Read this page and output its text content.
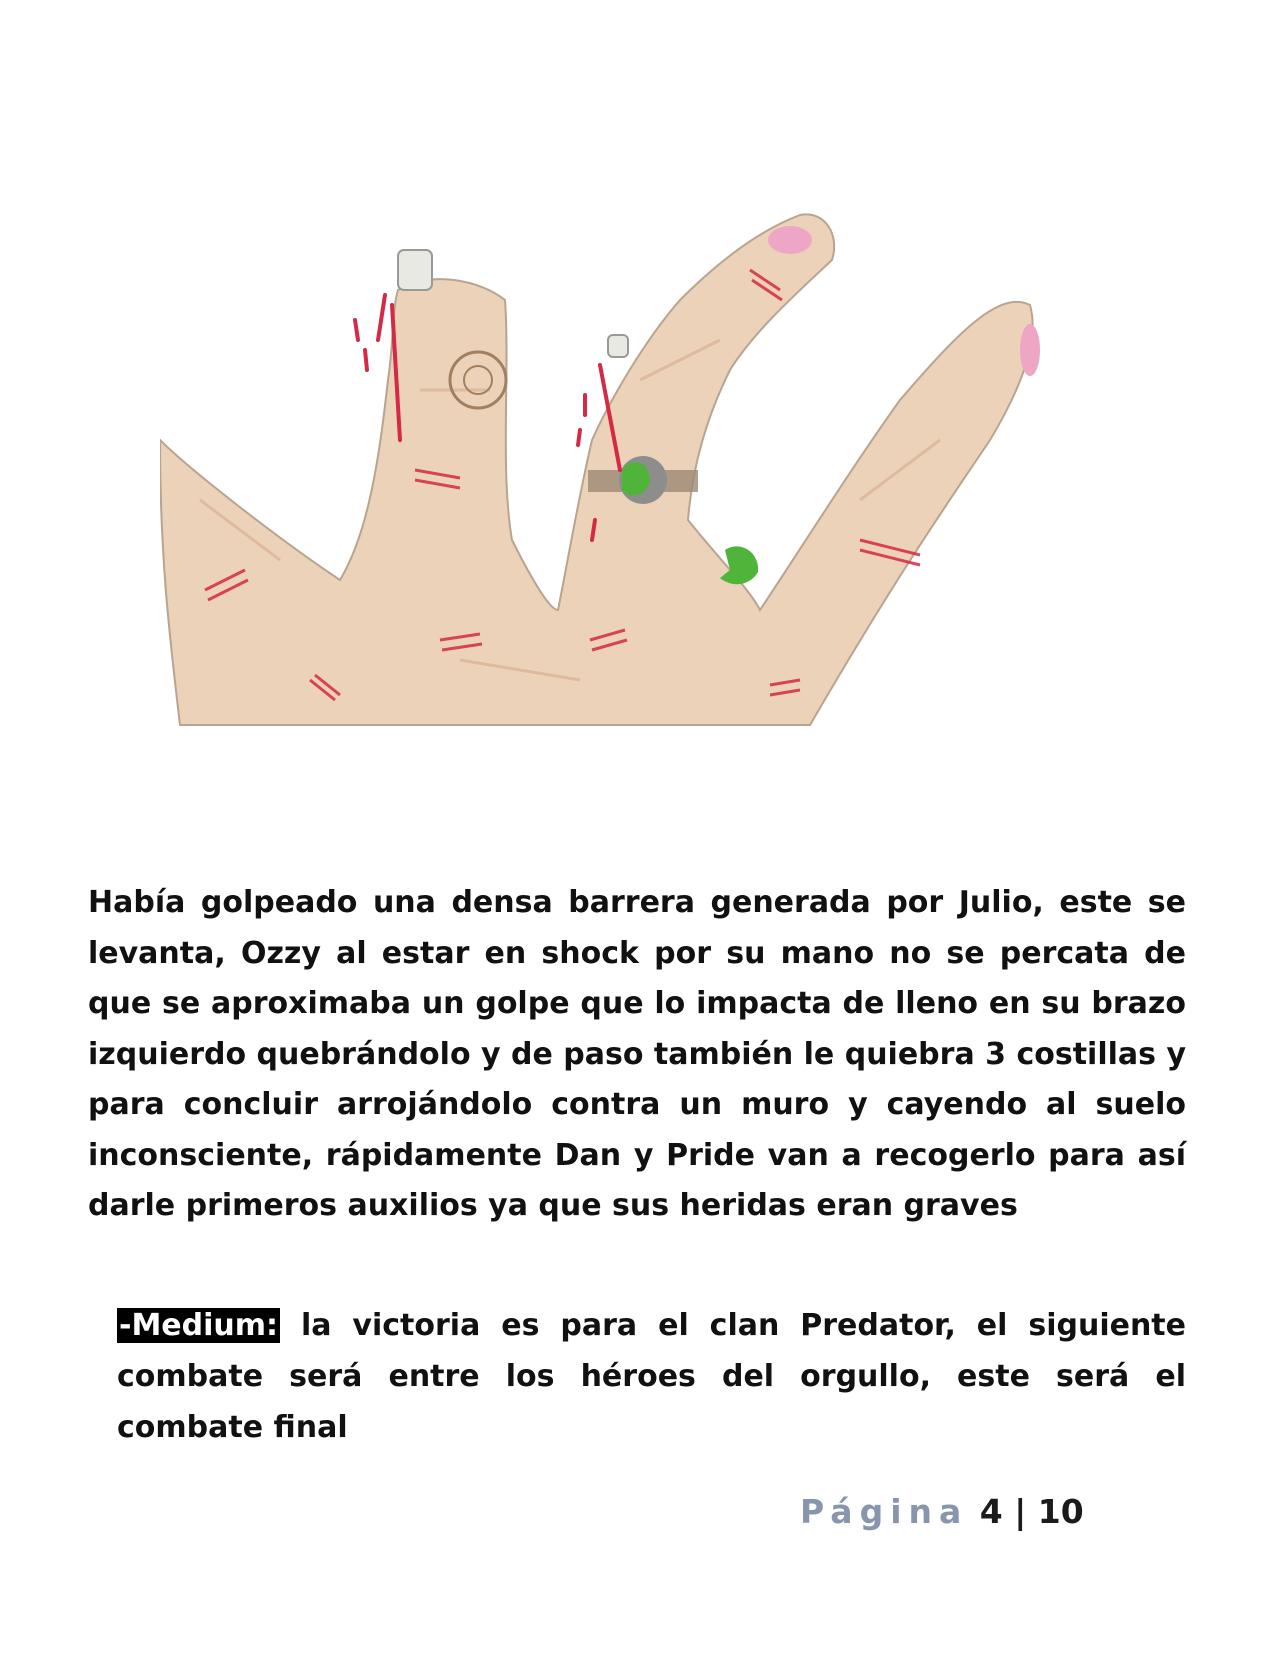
Había golpeado una densa barrera generada por Julio, este se levanta, Ozzy al estar en shock por su mano no se percata de que se aproximaba un golpe que lo impacta de lleno en su brazo izquierdo quebrándolo y de paso también le quiebra 3 costillas y para concluir arrojándolo contra un muro y cayendo al suelo inconsciente, rápidamente Dan y Pride van a recogerlo para así darle primeros auxilios ya que sus heridas eran graves

-Medium: la victoria es para el clan Predator, el siguiente combate será entre los héroes del orgullo, este será el combate final

Página 4 | 10
